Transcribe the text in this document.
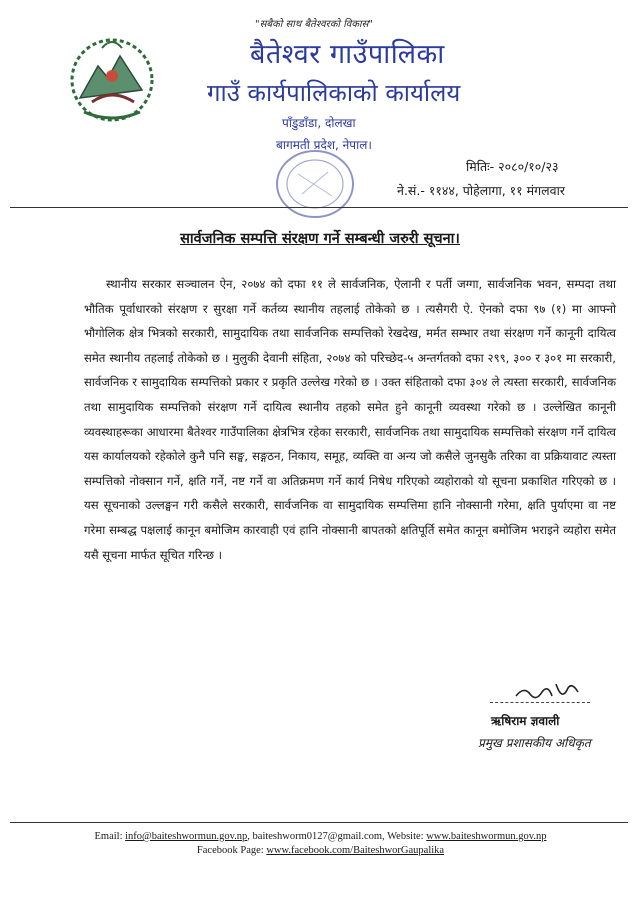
"सबैको साथ बैतेश्वरको विकास"
बैतेश्वर गाउँपालिका
गाउँ कार्यपालिकाको कार्यालय
पाँडुडाँडा, दोलखा
बागमती प्रदेश, नेपाल।
मितिः- २०८०/१०/२३
ने.सं.- ११४४, पोहेलागा, ११ मंगलवार
सार्वजनिक सम्पत्ति संरक्षण गर्ने सम्बन्धी जरुरी सूचना।
स्थानीय सरकार सञ्चालन ऐन, २०७४ को दफा ११ ले सार्वजनिक, ऐलानी र पर्ती जग्गा, सार्वजनिक भवन, सम्पदा तथा भौतिक पूर्वाधारको संरक्षण र सुरक्षा गर्ने कर्तव्य स्थानीय तहलाई तोकेको छ । त्यसैगरी ऐ. ऐनको दफा ९७ (१) मा आफ्नो भौगोलिक क्षेत्र भित्रको सरकारी, सामुदायिक तथा सार्वजनिक सम्पत्तिको रेखदेख, मर्मत सम्भार तथा संरक्षण गर्ने कानूनी दायित्व समेत स्थानीय तहलाई तोकेको छ । मुलुकी देवानी संहिता, २०७४ को परिच्छेद-५ अन्तर्गतको दफा २९९, ३०० र ३०१ मा सरकारी, सार्वजनिक र सामुदायिक सम्पत्तिको प्रकार र प्रकृति उल्लेख गरेको छ । उक्त संहिताको दफा ३०४ ले त्यस्ता सरकारी, सार्वजनिक तथा सामुदायिक सम्पत्तिको संरक्षण गर्ने दायित्व स्थानीय तहको समेत हुने कानूनी व्यवस्था गरेको छ । उल्लेखित कानूनी व्यवस्थाहरूका आधारमा बैतेश्वर गाउँपालिका क्षेत्रभित्र रहेका सरकारी, सार्वजनिक तथा सामुदायिक सम्पत्तिको संरक्षण गर्ने दायित्व यस कार्यालयको रहेकोले कुनै पनि सङ्घ, सङ्गठन, निकाय, समूह, व्यक्ति वा अन्य जो कसैले जुनसुकै तरिका वा प्रक्रियावाट त्यस्ता सम्पत्तिको नोक्सान गर्ने, क्षति गर्ने, नष्ट गर्ने वा अतिक्रमण गर्ने कार्य निषेध गरिएको व्यहोराको यो सूचना प्रकाशित गरिएको छ । यस सूचनाको उल्लङ्घन गरी कसैले सरकारी, सार्वजनिक वा सामुदायिक सम्पत्तिमा हानि नोक्सानी गरेमा, क्षति पुर्याएमा वा नष्ट गरेमा सम्बद्ध पक्षलाई कानून बमोजिम कारवाही एवं हानि नोक्सानी बापतको क्षतिपूर्ति समेत कानून बमोजिम भराइने व्यहोरा समेत यसै सूचना मार्फत सूचित गरिन्छ ।
ऋषिराम ज्ञवाली
प्रमुख प्रशासकीय अधिकृत
Email: info@baiteshwormun.gov.np, baiteshworm0127@gmail.com, Website: www.baiteshwormun.gov.np
Facebook Page: www.facebook.com/BaiteshworGaupalika
